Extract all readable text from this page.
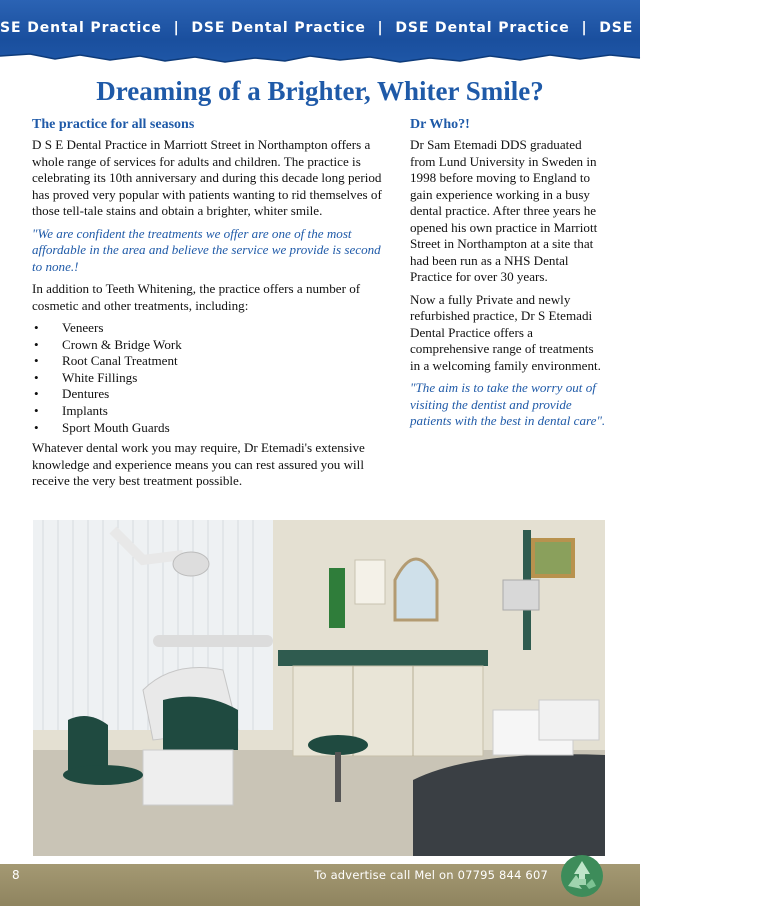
SE Dental Practice | DSE Dental Practice | DSE Dental Practice | DSE Dental Practic
Dreaming of a Brighter, Whiter Smile?
The practice for all seasons

D S E Dental Practice in Marriott Street in Northampton offers a whole range of services for adults and children. The practice is celebrating its 10th anniversary and during this decade long period has proved very popular with patients wanting to rid themselves of those tell-tale stains and obtain a brighter, whiter smile.

"We are confident the treatments we offer are one of the most affordable in the area and believe the service we provide is second to none.!

In addition to Teeth Whitening, the practice offers a number of cosmetic and other treatments, including:

• Veneers
• Crown & Bridge Work
• Root Canal Treatment
• White Fillings
• Dentures
• Implants
• Sport Mouth Guards

Whatever dental work you may require, Dr Etemadi's extensive knowledge and experience means you can rest assured you will receive the very best treatment possible.

Dr Who?!

Dr Sam Etemadi DDS graduated from Lund University in Sweden in 1998 before moving to England to gain experience working in a busy dental practice. After three years he opened his own practice in Marriott Street in Northampton at a site that had been run as a NHS Dental Practice for over 30 years.

Now a fully Private and newly refurbished practice, Dr S Etemadi Dental Practice offers a comprehensive range of treatments in a welcoming family environment.

"The aim is to take the worry out of visiting the dentist and provide patients with the best in dental care".

8	To advertise call Mel on 07795 844 607
